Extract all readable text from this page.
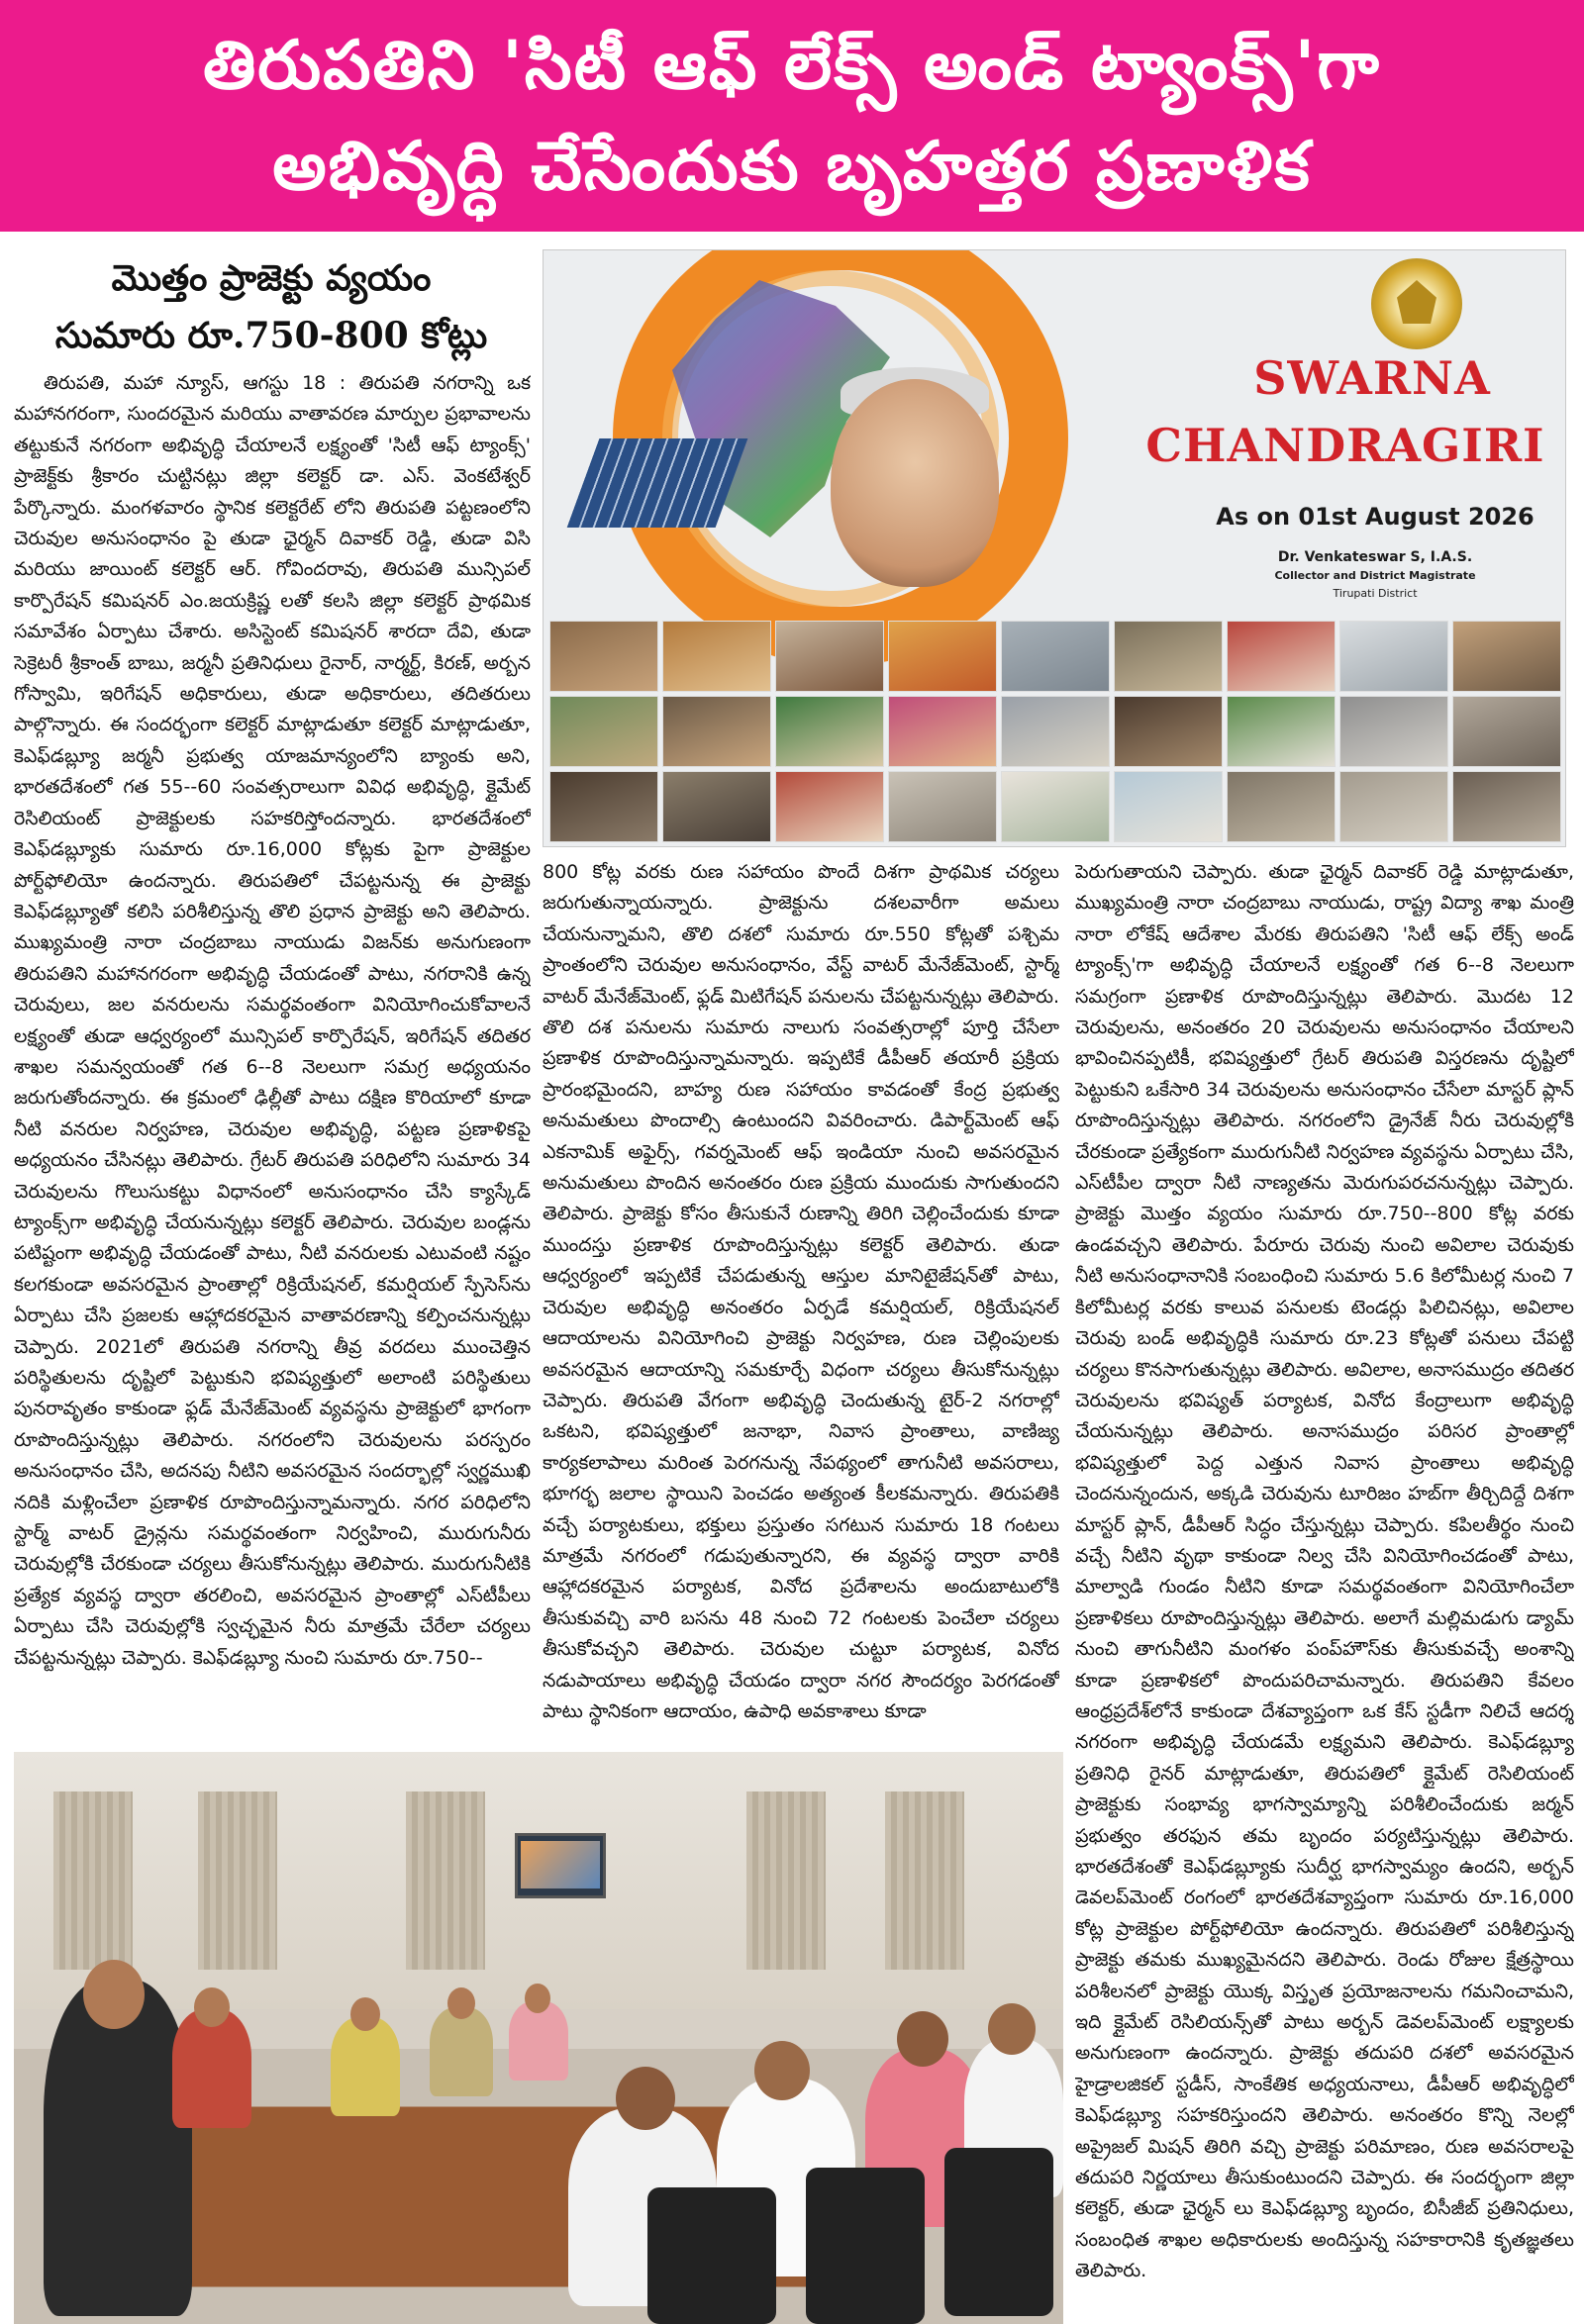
తిరుపతిని 'సిటీ ఆఫ్ లేక్స్ అండ్ ట్యాంక్స్'గా
అభివృద్ధి చేసేందుకు బృహత్తర ప్రణాళిక
మొత్తం ప్రాజెక్టు వ్యయం
సుమారు రూ.750-800 కోట్లు
SWARNA
CHANDRAGIRI
As on 01st August 2026
Dr. Venkateswar S, I.A.S.
Collector and District Magistrate
Tirupati District

తిరుపతి, మహా న్యూస్, ఆగస్టు 18 : తిరుపతి నగరాన్ని ఒక మహానగరంగా, సుందరమైన మరియు వాతావరణ మార్పుల ప్రభావాలను తట్టుకునే నగరంగా అభివృద్ధి చేయాలనే లక్ష్యంతో 'సిటీ ఆఫ్ ట్యాంక్స్' ప్రాజెక్ట్‌కు శ్రీకారం చుట్టినట్లు జిల్లా కలెక్టర్ డా. ఎస్. వెంకటేశ్వర్ పేర్కొన్నారు. మంగళవారం స్థానిక కలెక్టరేట్ లోని తిరుపతి పట్టణంలోని చెరువుల అనుసంధానం పై తుడా ఛైర్మన్ దివాకర్ రెడ్డి, తుడా విసి మరియు జాయింట్ కలెక్టర్ ఆర్. గోవిందరావు, తిరుపతి మున్సిపల్ కార్పొరేషన్ కమిషనర్ ఎం.జయక్రిష్ణ లతో కలసి జిల్లా కలెక్టర్ ప్రాథమిక సమావేశం ఏర్పాటు చేశారు. అసిస్టెంట్ కమిషనర్ శారదా దేవి, తుడా సెక్రెటరీ శ్రీకాంత్ బాబు, జర్మనీ ప్రతినిధులు రైనార్, నార్మర్ట్, కిరణ్, అర్బన గోస్వామి, ఇరిగేషన్ అధికారులు, తుడా అధికారులు, తదితరులు పాల్గొన్నారు. ఈ సందర్భంగా కలెక్టర్ మాట్లాడుతూ కలెక్టర్ మాట్లాడుతూ, కెఎఫ్‌డబ్ల్యూ జర్మనీ ప్రభుత్వ యాజమాన్యంలోని బ్యాంకు అని, భారతదేశంలో గత 55--60 సంవత్సరాలుగా వివిధ అభివృద్ధి, క్లైమేట్ రెసిలియంట్ ప్రాజెక్టులకు సహకరిస్తోందన్నారు. భారతదేశంలో కెఎఫ్‌డబ్ల్యూకు సుమారు రూ.16,000 కోట్లకు పైగా ప్రాజెక్టుల పోర్ట్‌ఫోలియో ఉందన్నారు. తిరుపతిలో చేపట్టనున్న ఈ ప్రాజెక్టు కెఎఫ్‌డబ్ల్యూతో కలిసి పరిశీలిస్తున్న తొలి ప్రధాన ప్రాజెక్టు అని తెలిపారు. ముఖ్యమంత్రి నారా చంద్రబాబు నాయుడు విజన్‌కు అనుగుణంగా తిరుపతిని మహానగరంగా అభివృద్ధి చేయడంతో పాటు, నగరానికి ఉన్న చెరువులు, జల వనరులను సమర్థవంతంగా వినియోగించుకోవాలనే లక్ష్యంతో తుడా ఆధ్వర్యంలో మున్సిపల్ కార్పొరేషన్, ఇరిగేషన్ తదితర శాఖల సమన్వయంతో గత 6--8 నెలలుగా సమగ్ర అధ్యయనం జరుగుతోందన్నారు. ఈ క్రమంలో ఢిల్లీతో పాటు దక్షిణ కొరియాలో కూడా నీటి వనరుల నిర్వహణ, చెరువుల అభివృద్ధి, పట్టణ ప్రణాళికపై అధ్యయనం చేసినట్లు తెలిపారు. గ్రేటర్ తిరుపతి పరిధిలోని సుమారు 34 చెరువులను గొలుసుకట్టు విధానంలో అనుసంధానం చేసి క్యాస్కేడ్ ట్యాంక్స్‌గా అభివృద్ధి చేయనున్నట్లు కలెక్టర్ తెలిపారు. చెరువుల బండ్లను పటిష్టంగా అభివృద్ధి చేయడంతో పాటు, నీటి వనరులకు ఎటువంటి నష్టం కలగకుండా అవసరమైన ప్రాంతాల్లో రిక్రియేషనల్, కమర్షియల్ స్పేసెస్‌ను ఏర్పాటు చేసి ప్రజలకు ఆహ్లాదకరమైన వాతావరణాన్ని కల్పించనున్నట్లు చెప్పారు. 2021లో తిరుపతి నగరాన్ని తీవ్ర వరదలు ముంచెత్తిన పరిస్థితులను దృష్టిలో పెట్టుకుని భవిష్యత్తులో అలాంటి పరిస్థితులు పునరావృతం కాకుండా ఫ్లడ్ మేనేజ్‌మెంట్ వ్యవస్థను ప్రాజెక్టులో భాగంగా రూపొందిస్తున్నట్లు తెలిపారు. నగరంలోని చెరువులను పరస్పరం అనుసంధానం చేసి, అదనపు నీటిని అవసరమైన సందర్భాల్లో స్వర్ణముఖి నదికి మళ్లించేలా ప్రణాళిక రూపొందిస్తున్నామన్నారు. నగర పరిధిలోని స్టార్మ్ వాటర్ డ్రైన్లను సమర్థవంతంగా నిర్వహించి, మురుగునీరు చెరువుల్లోకి చేరకుండా చర్యలు తీసుకోనున్నట్లు తెలిపారు. మురుగునీటికి ప్రత్యేక వ్యవస్థ ద్వారా తరలించి, అవసరమైన ప్రాంతాల్లో ఎస్‌టీపీలు ఏర్పాటు చేసి చెరువుల్లోకి స్వచ్ఛమైన నీరు మాత్రమే చేరేలా చర్యలు చేపట్టనున్నట్లు చెప్పారు. కెఎఫ్‌డబ్ల్యూ నుంచి సుమారు రూ.750--

800 కోట్ల వరకు రుణ సహాయం పొందే దిశగా ప్రాథమిక చర్యలు జరుగుతున్నాయన్నారు. ప్రాజెక్టును దశలవారీగా అమలు చేయనున్నామని, తొలి దశలో సుమారు రూ.550 కోట్లతో పశ్చిమ ప్రాంతంలోని చెరువుల అనుసంధానం, వేస్ట్ వాటర్ మేనేజ్‌మెంట్, స్టార్మ్ వాటర్ మేనేజ్‌మెంట్, ఫ్లడ్ మిటిగేషన్ పనులను చేపట్టనున్నట్లు తెలిపారు. తొలి దశ పనులను సుమారు నాలుగు సంవత్సరాల్లో పూర్తి చేసేలా ప్రణాళిక రూపొందిస్తున్నామన్నారు. ఇప్పటికే డీపీఆర్ తయారీ ప్రక్రియ ప్రారంభమైందని, బాహ్య రుణ సహాయం కావడంతో కేంద్ర ప్రభుత్వ అనుమతులు పొందాల్సి ఉంటుందని వివరించారు. డిపార్ట్‌మెంట్ ఆఫ్ ఎకనామిక్ అఫైర్స్, గవర్నమెంట్ ఆఫ్ ఇండియా నుంచి అవసరమైన అనుమతులు పొందిన అనంతరం రుణ ప్రక్రియ ముందుకు సాగుతుందని తెలిపారు. ప్రాజెక్టు కోసం తీసుకునే రుణాన్ని తిరిగి చెల్లించేందుకు కూడా ముందస్తు ప్రణాళిక రూపొందిస్తున్నట్లు కలెక్టర్ తెలిపారు. తుడా ఆధ్వర్యంలో ఇప్పటికే చేపడుతున్న ఆస్తుల మానిటైజేషన్‌తో పాటు, చెరువుల అభివృద్ధి అనంతరం ఏర్పడే కమర్షియల్, రిక్రియేషనల్ ఆదాయాలను వినియోగించి ప్రాజెక్టు నిర్వహణ, రుణ చెల్లింపులకు అవసరమైన ఆదాయాన్ని సమకూర్చే విధంగా చర్యలు తీసుకోనున్నట్లు చెప్పారు. తిరుపతి వేగంగా అభివృద్ధి చెందుతున్న టైర్-2 నగరాల్లో ఒకటని, భవిష్యత్తులో జనాభా, నివాస ప్రాంతాలు, వాణిజ్య కార్యకలాపాలు మరింత పెరగనున్న నేపథ్యంలో తాగునీటి అవసరాలు, భూగర్భ జలాల స్థాయిని పెంచడం అత్యంత కీలకమన్నారు. తిరుపతికి వచ్చే పర్యాటకులు, భక్తులు ప్రస్తుతం సగటున సుమారు 18 గంటలు మాత్రమే నగరంలో గడుపుతున్నారని, ఈ వ్యవస్థ ద్వారా వారికి ఆహ్లాదకరమైన పర్యాటక, వినోద ప్రదేశాలను అందుబాటులోకి తీసుకువచ్చి వారి బసను 48 నుంచి 72 గంటలకు పెంచేలా చర్యలు తీసుకోవచ్చని తెలిపారు. చెరువుల చుట్టూ పర్యాటక, వినోద నడుపాయాలు అభివృద్ధి చేయడం ద్వారా నగర సౌందర్యం పెరగడంతో పాటు స్థానికంగా ఆదాయం, ఉపాధి అవకాశాలు కూడా

పెరుగుతాయని చెప్పారు. తుడా ఛైర్మన్ దివాకర్ రెడ్డి మాట్లాడుతూ, ముఖ్యమంత్రి నారా చంద్రబాబు నాయుడు, రాష్ట్ర విద్యా శాఖ మంత్రి నారా లోకేష్ ఆదేశాల మేరకు తిరుపతిని 'సిటీ ఆఫ్ లేక్స్ అండ్ ట్యాంక్స్'గా అభివృద్ధి చేయాలనే లక్ష్యంతో గత 6--8 నెలలుగా సమగ్రంగా ప్రణాళిక రూపొందిస్తున్నట్లు తెలిపారు. మొదట 12 చెరువులను, అనంతరం 20 చెరువులను అనుసంధానం చేయాలని భావించినప్పటికీ, భవిష్యత్తులో గ్రేటర్ తిరుపతి విస్తరణను దృష్టిలో పెట్టుకుని ఒకేసారి 34 చెరువులను అనుసంధానం చేసేలా మాస్టర్ ప్లాన్ రూపొందిస్తున్నట్లు తెలిపారు. నగరంలోని డ్రైనేజ్ నీరు చెరువుల్లోకి చేరకుండా ప్రత్యేకంగా మురుగునీటి నిర్వహణ వ్యవస్థను ఏర్పాటు చేసి, ఎస్‌టీపీల ద్వారా నీటి నాణ్యతను మెరుగుపరచనున్నట్లు చెప్పారు. ప్రాజెక్టు మొత్తం వ్యయం సుమారు రూ.750--800 కోట్ల వరకు ఉండవచ్చని తెలిపారు. పేరూరు చెరువు నుంచి అవిలాల చెరువుకు నీటి అనుసంధానానికి సంబంధించి సుమారు 5.6 కిలోమీటర్ల నుంచి 7 కిలోమీటర్ల వరకు కాలువ పనులకు టెండర్లు పిలిచినట్లు, అవిలాల చెరువు బండ్ అభివృద్ధికి సుమారు రూ.23 కోట్లతో పనులు చేపట్టి చర్యలు కొనసాగుతున్నట్లు తెలిపారు. అవిలాల, అనాసముద్రం తదితర చెరువులను భవిష్యత్ పర్యాటక, వినోద కేంద్రాలుగా అభివృద్ధి చేయనున్నట్లు తెలిపారు. అనాసముద్రం పరిసర ప్రాంతాల్లో భవిష్యత్తులో పెద్ద ఎత్తున నివాస ప్రాంతాలు అభివృద్ధి చెందనున్నందున, అక్కడి చెరువును టూరిజం హబ్‌గా తీర్చిదిద్దే దిశగా మాస్టర్ ప్లాన్, డీపీఆర్ సిద్ధం చేస్తున్నట్లు చెప్పారు. కపిలతీర్థం నుంచి వచ్చే నీటిని వృథా కాకుండా నిల్వ చేసి వినియోగించడంతో పాటు, మాల్వాడి గుండం నీటిని కూడా సమర్థవంతంగా వినియోగించేలా ప్రణాళికలు రూపొందిస్తున్నట్లు తెలిపారు. అలాగే మల్లిమడుగు డ్యామ్ నుంచి తాగునీటిని మంగళం పంప్‌హౌస్‌కు తీసుకువచ్చే అంశాన్ని కూడా ప్రణాళికలో పొందుపరిచామన్నారు. తిరుపతిని కేవలం ఆంధ్రప్రదేశ్‌లోనే కాకుండా దేశవ్యాప్తంగా ఒక కేస్ స్టడీగా నిలిచే ఆదర్శ నగరంగా అభివృద్ధి చేయడమే లక్ష్యమని తెలిపారు. కెఎఫ్‌డబ్ల్యూ ప్రతినిధి రైనర్ మాట్లాడుతూ, తిరుపతిలో క్లైమేట్ రెసిలియంట్ ప్రాజెక్టుకు సంభావ్య భాగస్వామ్యాన్ని పరిశీలించేందుకు జర్మన్ ప్రభుత్వం తరఫున తమ బృందం పర్యటిస్తున్నట్లు తెలిపారు. భారతదేశంతో కెఎఫ్‌డబ్ల్యూకు సుదీర్ఘ భాగస్వామ్యం ఉందని, అర్బన్ డెవలప్‌మెంట్ రంగంలో భారతదేశవ్యాప్తంగా సుమారు రూ.16,000 కోట్ల ప్రాజెక్టుల పోర్ట్‌ఫోలియో ఉందన్నారు. తిరుపతిలో పరిశీలిస్తున్న ప్రాజెక్టు తమకు ముఖ్యమైనదని తెలిపారు. రెండు రోజుల క్షేత్రస్థాయి పరిశీలనలో ప్రాజెక్టు యొక్క విస్తృత ప్రయోజనాలను గమనించామని, ఇది క్లైమేట్ రెసిలియన్స్‌తో పాటు అర్బన్ డెవలప్‌మెంట్ లక్ష్యాలకు అనుగుణంగా ఉందన్నారు. ప్రాజెక్టు తదుపరి దశలో అవసరమైన హైడ్రాలజికల్ స్టడీస్, సాంకేతిక అధ్యయనాలు, డీపీఆర్ అభివృద్ధిలో కెఎఫ్‌డబ్ల్యూ సహకరిస్తుందని తెలిపారు. అనంతరం కొన్ని నెలల్లో అప్రైజల్ మిషన్ తిరిగి వచ్చి ప్రాజెక్టు పరిమాణం, రుణ అవసరాలపై తదుపరి నిర్ణయాలు తీసుకుంటుందని చెప్పారు. ఈ సందర్భంగా జిల్లా కలెక్టర్, తుడా ఛైర్మన్ లు కెఎఫ్‌డబ్ల్యూ బృందం, బిసీజీబ్ ప్రతినిధులు, సంబంధిత శాఖల అధికారులకు అందిస్తున్న సహకారానికి కృతజ్ఞతలు తెలిపారు.
